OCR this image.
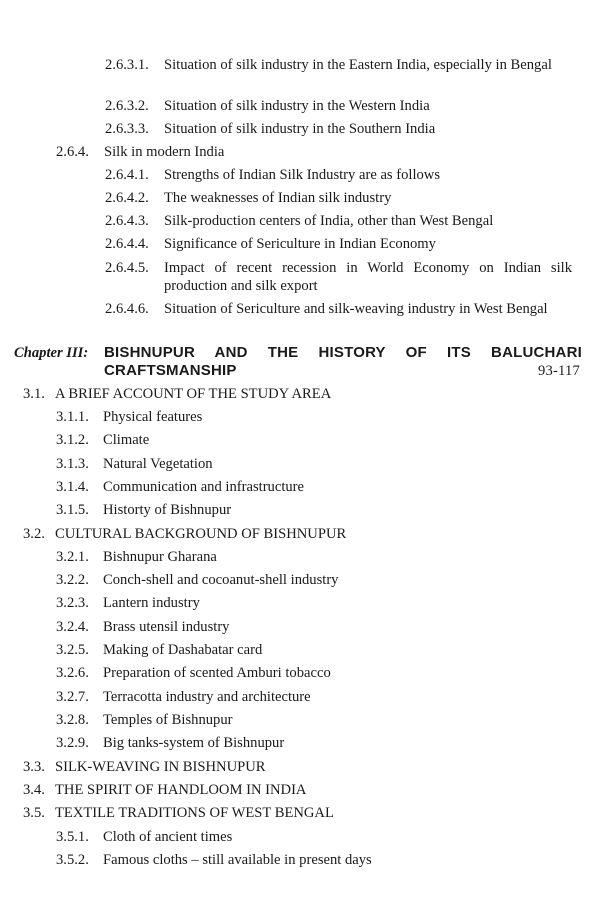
2.6.3.1.	Situation of silk industry in the Eastern India, especially in Bengal
2.6.3.2.	Situation of silk industry in the Western India
2.6.3.3.	Situation of silk industry in the Southern India
2.6.4.	Silk in modern India
2.6.4.1.	Strengths of Indian Silk Industry are as follows
2.6.4.2.	The weaknesses of Indian silk industry
2.6.4.3.	Silk-production centers of India, other than West Bengal
2.6.4.4.	Significance of Sericulture in Indian Economy
2.6.4.5.	Impact of recent recession in World Economy on Indian silk production and silk export
2.6.4.6.	Situation of Sericulture and silk-weaving industry in West Bengal
Chapter III: BISHNUPUR AND THE HISTORY OF ITS BALUCHARI
CRAFTSMANSHIP	93-117
3.1. A BRIEF ACCOUNT OF THE STUDY AREA
3.1.1. Physical features
3.1.2. Climate
3.1.3. Natural Vegetation
3.1.4. Communication and infrastructure
3.1.5. Historty of Bishnupur
3.2. CULTURAL BACKGROUND OF BISHNUPUR
3.2.1. Bishnupur Gharana
3.2.2. Conch-shell and cocoanut-shell industry
3.2.3. Lantern industry
3.2.4. Brass utensil industry
3.2.5. Making of Dashabatar card
3.2.6. Preparation of scented Amburi tobacco
3.2.7. Terracotta industry and architecture
3.2.8. Temples of Bishnupur
3.2.9. Big tanks-system of Bishnupur
3.3. SILK-WEAVING IN BISHNUPUR
3.4. THE SPIRIT OF HANDLOOM IN INDIA
3.5. TEXTILE TRADITIONS OF WEST BENGAL
3.5.1. Cloth of ancient times
3.5.2. Famous cloths – still available in present days
